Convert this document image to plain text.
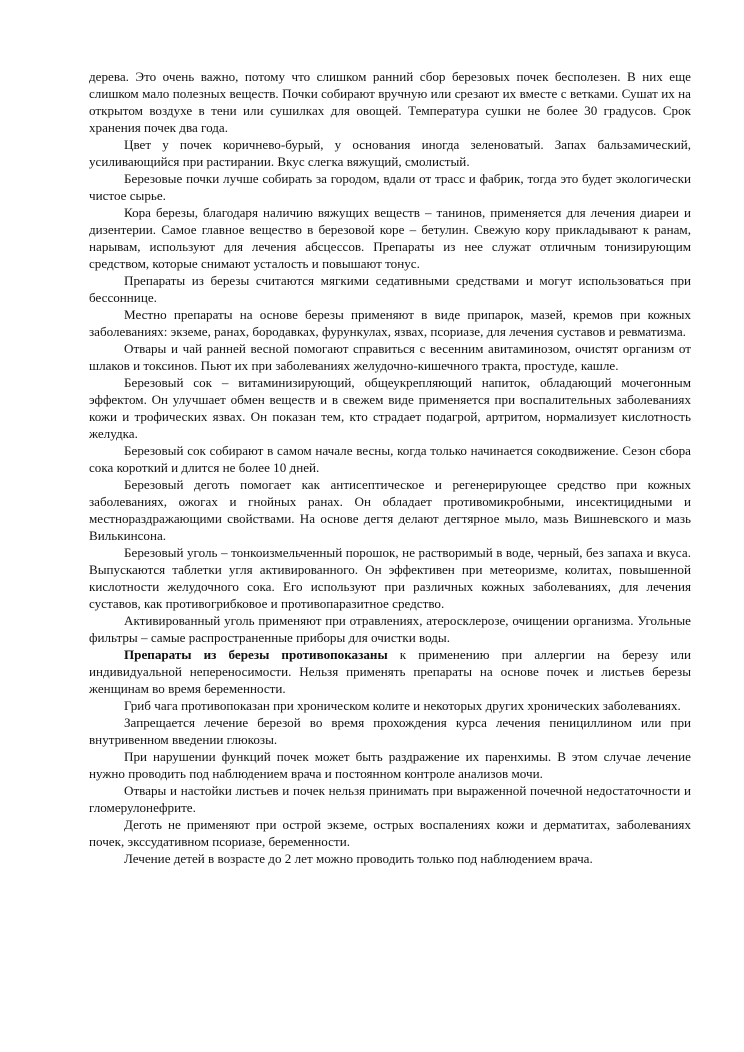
дерева. Это очень важно, потому что слишком ранний сбор березовых почек бесполезен. В них еще слишком мало полезных веществ. Почки собирают вручную или срезают их вместе с ветками. Сушат их на открытом воздухе в тени или сушилках для овощей. Температура сушки не более 30 градусов. Срок хранения почек два года.

Цвет у почек коричнево-бурый, у основания иногда зеленоватый. Запах бальзамический, усиливающийся при растирании. Вкус слегка вяжущий, смолистый.

Березовые почки лучше собирать за городом, вдали от трасс и фабрик, тогда это будет экологически чистое сырье.

Кора березы, благодаря наличию вяжущих веществ – танинов, применяется для лечения диареи и дизентерии. Самое главное вещество в березовой коре – бетулин. Свежую кору прикладывают к ранам, нарывам, используют для лечения абсцессов. Препараты из нее служат отличным тонизирующим средством, которые снимают усталость и повышают тонус.

Препараты из березы считаются мягкими седативными средствами и могут использоваться при бессоннице.

Местно препараты на основе березы применяют в виде припарок, мазей, кремов при кожных заболеваниях: экземе, ранах, бородавках, фурункулах, язвах, псориазе, для лечения суставов и ревматизма.

Отвары и чай ранней весной помогают справиться с весенним авитаминозом, очистят организм от шлаков и токсинов. Пьют их при заболеваниях желудочно-кишечного тракта, простуде, кашле.

Березовый сок – витаминизирующий, общеукрепляющий напиток, обладающий мочегонным эффектом. Он улучшает обмен веществ и в свежем виде применяется при воспалительных заболеваниях кожи и трофических язвах. Он показан тем, кто страдает подагрой, артритом, нормализует кислотность желудка.

Березовый сок собирают в самом начале весны, когда только начинается сокодвижение. Сезон сбора сока короткий и длится не более 10 дней.

Березовый деготь помогает как антисептическое и регенерирующее средство при кожных заболеваниях, ожогах и гнойных ранах. Он обладает противомикробными, инсектицидными и местнораздражающими свойствами. На основе дегтя делают дегтярное мыло, мазь Вишневского и мазь Вилькинсона.

Березовый уголь – тонкоизмельченный порошок, не растворимый в воде, черный, без запаха и вкуса. Выпускаются таблетки угля активированного. Он эффективен при метеоризме, колитах, повышенной кислотности желудочного сока. Его используют при различных кожных заболеваниях, для лечения суставов, как противогрибковое и противопаразитное средство.

Активированный уголь применяют при отравлениях, атеросклерозе, очищении организма. Угольные фильтры – самые распространенные приборы для очистки воды.

Препараты из березы противопоказаны к применению при аллергии на березу или индивидуальной непереносимости. Нельзя применять препараты на основе почек и листьев березы женщинам во время беременности.

Гриб чага противопоказан при хроническом колите и некоторых других хронических заболеваниях.

Запрещается лечение березой во время прохождения курса лечения пенициллином или при внутривенном введении глюкозы.

При нарушении функций почек может быть раздражение их паренхимы. В этом случае лечение нужно проводить под наблюдением врача и постоянном контроле анализов мочи.

Отвары и настойки листьев и почек нельзя принимать при выраженной почечной недостаточности и гломерулонефрите.

Деготь не применяют при острой экземе, острых воспалениях кожи и дерматитах, заболеваниях почек, экссудативном псориазе, беременности.

Лечение детей в возрасте до 2 лет можно проводить только под наблюдением врача.
